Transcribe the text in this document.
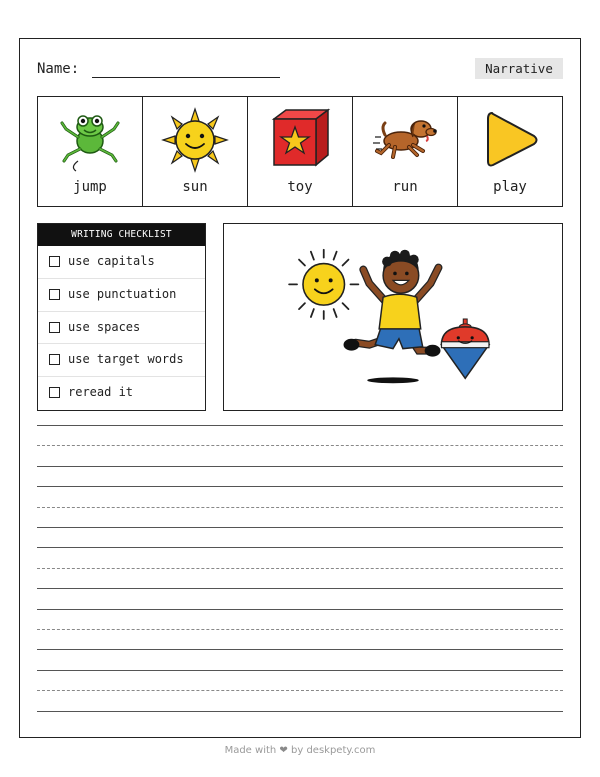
Name:	Narrative
jump	sun	toy	run	play
WRITING CHECKLIST
use capitals
use punctuation
use spaces
use target words
reread it
Made with ❤ by deskpety.com
